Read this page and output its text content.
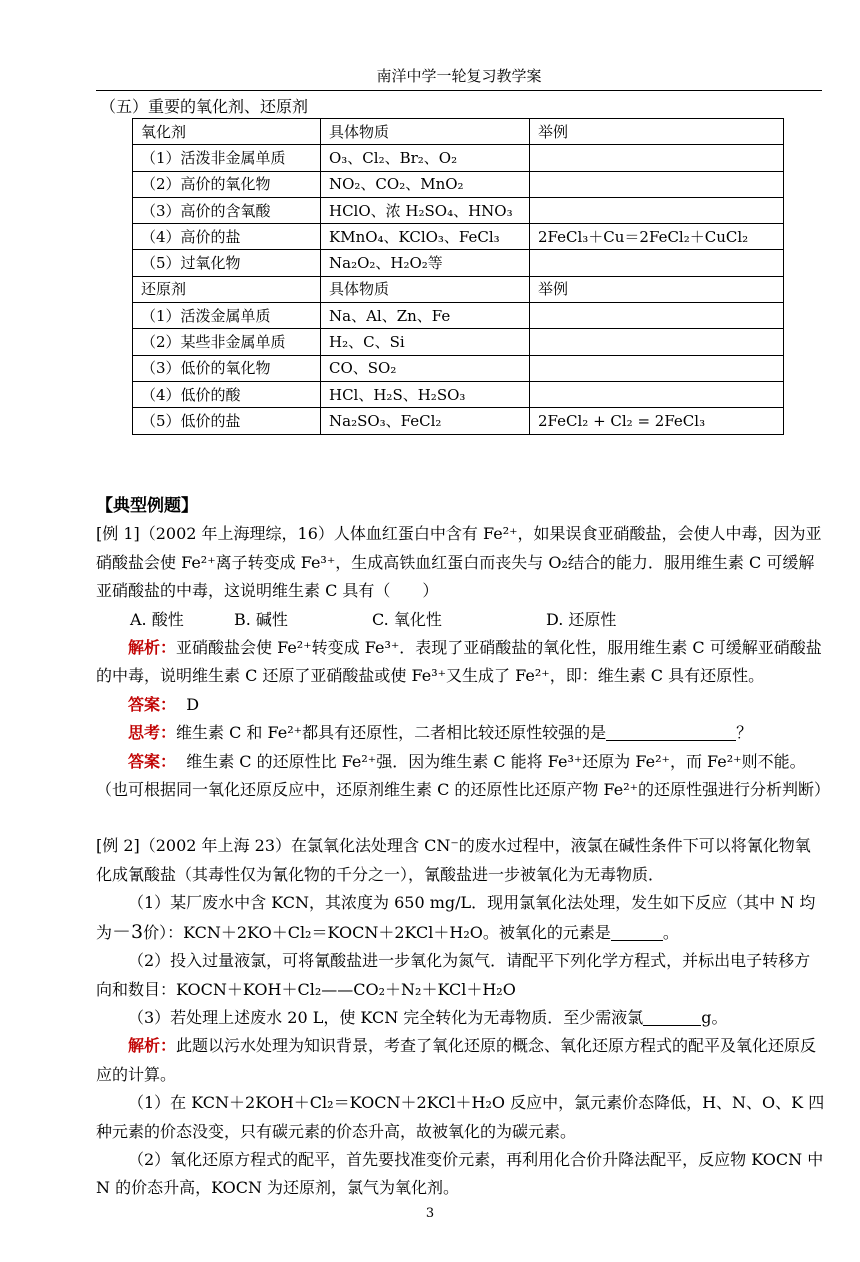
南洋中学一轮复习教学案
（五）重要的氧化剂、还原剂
氧化剂	具体物质	举例
（1）活泼非金属单质	O₃、Cl₂、Br₂、O₂	
（2）高价的氧化物	NO₂、CO₂、MnO₂	
（3）高价的含氧酸	HClO、浓 H₂SO₄、HNO₃	
（4）高价的盐	KMnO₄、KClO₃、FeCl₃	2FeCl₃＋Cu＝2FeCl₂＋CuCl₂
（5）过氧化物	Na₂O₂、H₂O₂等	
还原剂	具体物质	举例
（1）活泼金属单质	Na、Al、Zn、Fe	
（2）某些非金属单质	H₂、C、Si	
（3）低价的氧化物	CO、SO₂	
（4）低价的酸	HCl、H₂S、H₂SO₃	
（5）低价的盐	Na₂SO₃、FeCl₂	2FeCl₂ + Cl₂ = 2FeCl₃

【典型例题】

[例 1]（2002 年上海理综，16）人体血红蛋白中含有 Fe²⁺，如果误食亚硝酸盐，会使人中毒，因为亚硝酸盐会使 Fe²⁺离子转变成 Fe³⁺，生成高铁血红蛋白而丧失与 O₂结合的能力．服用维生素 C 可缓解亚硝酸盐的中毒，这说明维生素 C 具有（　　）

A. 酸性	B. 碱性	C. 氧化性	D. 还原性

解析：亚硝酸盐会使 Fe²⁺转变成 Fe³⁺．表现了亚硝酸盐的氧化性，服用维生素 C 可缓解亚硝酸盐的中毒，说明维生素 C 还原了亚硝酸盐或使 Fe³⁺又生成了 Fe²⁺，即：维生素 C 具有还原性。

答案： D

思考：维生素 C 和 Fe²⁺都具有还原性，二者相比较还原性较强的是	？

答案： 维生素 C 的还原性比 Fe²⁺强．因为维生素 C 能将 Fe³⁺还原为 Fe²⁺，而 Fe²⁺则不能。（也可根据同一氧化还原反应中，还原剂维生素 C 的还原性比还原产物 Fe²⁺的还原性强进行分析判断）

[例 2]（2002 年上海 23）在氯氧化法处理含 CN⁻的废水过程中，液氯在碱性条件下可以将氰化物氧化成氰酸盐（其毒性仅为氰化物的千分之一），氰酸盐进一步被氧化为无毒物质．

（1）某厂废水中含 KCN，其浓度为 650 mg/L．现用氯氧化法处理，发生如下反应（其中 N 均为－3价）：KCN＋2KO＋Cl₂＝KOCN＋2KCl＋H₂O。被氧化的元素是	。

（2）投入过量液氯，可将氰酸盐进一步氧化为氮气．请配平下列化学方程式，并标出电子转移方向和数目：KOCN＋KOH＋Cl₂——CO₂＋N₂＋KCl＋H₂O

（3）若处理上述废水 20 L，使 KCN 完全转化为无毒物质．至少需液氯	g。

解析：此题以污水处理为知识背景，考查了氧化还原的概念、氧化还原方程式的配平及氧化还原反应的计算。

（1）在 KCN＋2KOH＋Cl₂＝KOCN＋2KCl＋H₂O 反应中，氯元素价态降低，H、N、O、K 四种元素的价态没变，只有碳元素的价态升高，故被氧化的为碳元素。

（2）氧化还原方程式的配平，首先要找准变价元素，再利用化合价升降法配平，反应物 KOCN 中 N 的价态升高，KOCN 为还原剂，氯气为氧化剂。

3
